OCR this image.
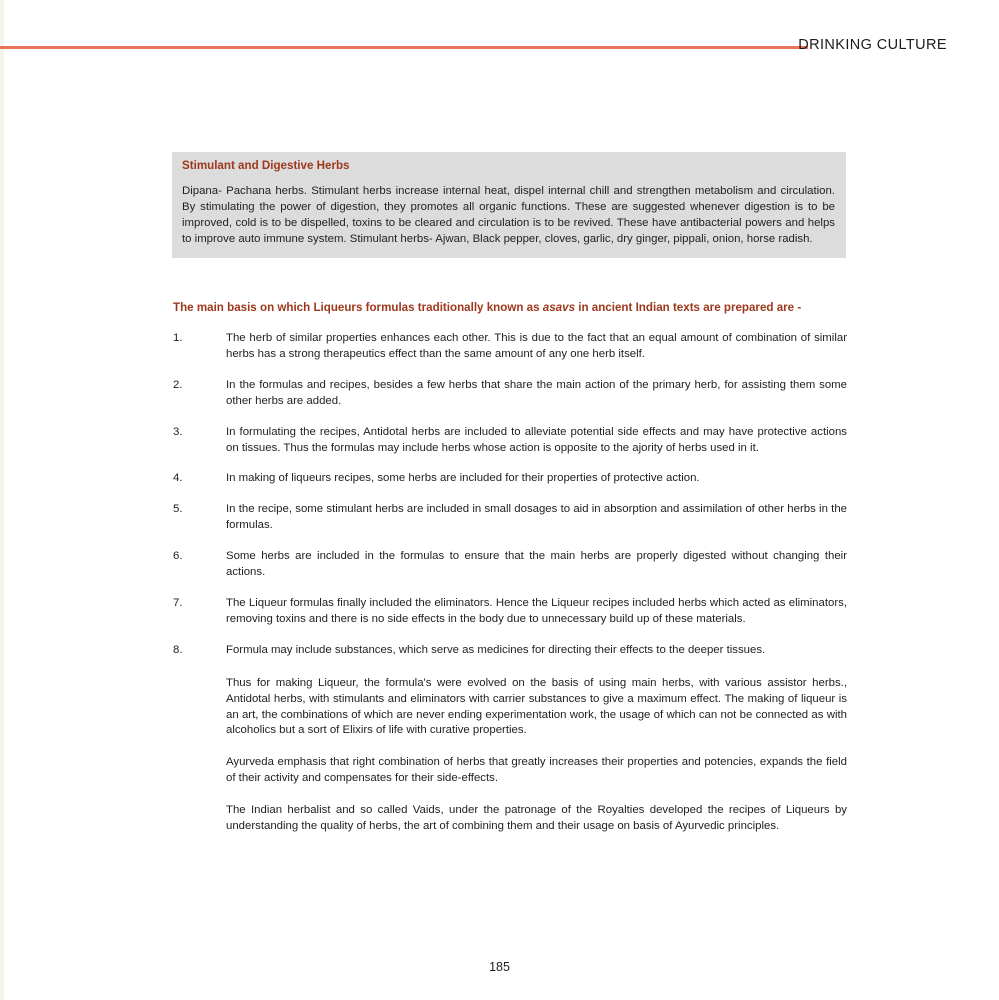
DRINKING CULTURE
Stimulant and Digestive Herbs
Dipana- Pachana herbs. Stimulant herbs increase internal heat, dispel internal chill and strengthen metabolism and circulation. By stimulating the power of digestion, they promotes all organic functions. These are suggested whenever digestion is to be improved, cold is to be dispelled, toxins to be cleared and circulation is to be revived. These have antibacterial powers and helps to improve auto immune system. Stimulant herbs- Ajwan, Black pepper, cloves, garlic, dry ginger, pippali, onion, horse radish.
The main basis on which Liqueurs formulas traditionally known as asavs in ancient Indian texts are prepared are -
1.	The herb of similar properties enhances each other. This is due to the fact that an equal amount of combination of similar herbs has a strong therapeutics effect than the same amount of any one herb itself.
2.	In the formulas and recipes, besides a few herbs that share the main action of the primary herb, for assisting them some other herbs are added.
3.	In formulating the recipes, Antidotal herbs are included to alleviate potential side effects and may have protective actions on tissues. Thus the formulas may include herbs whose action is opposite to the ajority of herbs used in it.
4.	In making of liqueurs recipes, some herbs are included for their properties of protective action.
5.	In the recipe, some stimulant herbs are included in small dosages to aid in absorption and assimilation of other herbs in the formulas.
6.	Some herbs are included in the formulas to ensure that the main herbs are properly digested without changing their actions.
7.	The Liqueur formulas finally included the eliminators. Hence the Liqueur recipes included herbs which acted as eliminators, removing toxins and there is no side effects in the body due to unnecessary build up of these materials.
8.	Formula may include substances, which serve as medicines for directing their effects to the deeper tissues.

Thus for making Liqueur, the formula's were evolved on the basis of using main herbs, with various assistor herbs., Antidotal herbs, with stimulants and eliminators with carrier substances to give a maximum effect. The making of liqueur is an art, the combinations of which are never ending experimentation work, the usage of which can not be connected as with alcoholics but a sort of Elixirs of life with curative properties.

Ayurveda emphasis that right combination of herbs that greatly increases their properties and potencies, expands the field of their activity and compensates for their side-effects.

The Indian herbalist and so called Vaids, under the patronage of the Royalties developed the recipes of Liqueurs by understanding the quality of herbs, the art of combining them and their usage on basis of Ayurvedic principles.

185
